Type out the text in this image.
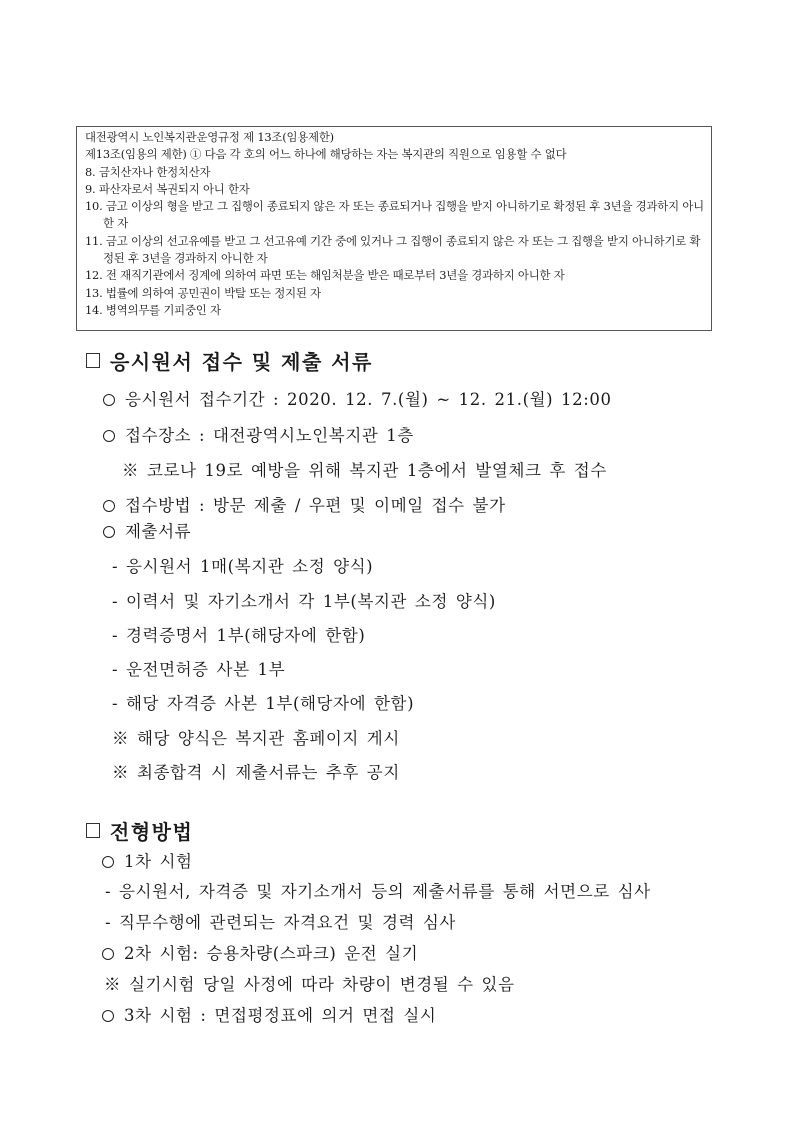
대전광역시 노인복지관운영규정 제 13조(임용제한)
제13조(임용의 제한) ① 다음 각 호의 어느 하나에 해당하는 자는 복지관의 직원으로 임용할 수 없다
8. 금치산자나 한정치산자
9. 파산자로서 복권되지 아니 한자
10. 금고 이상의 형을 받고 그 집행이 종료되지 않은 자 또는 종료되거나 집행을 받지 아니하기로 확정된 후 3년을 경과하지 아니한 자
11. 금고 이상의 선고유예를 받고 그 선고유예 기간 중에 있거나 그 집행이 종료되지 않은 자 또는 그 집행을 받지 아니하기로 확정된 후 3년을 경과하지 아니한 자
12. 전 재직기관에서 징계에 의하여 파면 또는 해임처분을 받은 때로부터 3년을 경과하지 아니한 자
13. 법률에 의하여 공민권이 박탈 또는 정지된 자
14. 병역의무를 기피중인 자
응시원서 접수 및 제출 서류
응시원서 접수기간 : 2020. 12. 7.(월) ~ 12. 21.(월) 12:00
접수장소 : 대전광역시노인복지관 1층
※ 코로나 19로 예방을 위해 복지관 1층에서 발열체크 후 접수
접수방법 : 방문 제출 / 우편 및 이메일 접수 불가
제출서류
- 응시원서 1매(복지관 소정 양식)
- 이력서 및 자기소개서 각 1부(복지관 소정 양식)
- 경력증명서 1부(해당자에 한함)
- 운전면허증 사본 1부
- 해당 자격증 사본 1부(해당자에 한함)
※ 해당 양식은 복지관 홈페이지 게시
※ 최종합격 시 제출서류는 추후 공지
전형방법
1차 시험
- 응시원서, 자격증 및 자기소개서 등의 제출서류를 통해 서면으로 심사
- 직무수행에 관련되는 자격요건 및 경력 심사
2차 시험: 승용차량(스파크) 운전 실기
※ 실기시험 당일 사정에 따라 차량이 변경될 수 있음
3차 시험 : 면접평정표에 의거 면접 실시
